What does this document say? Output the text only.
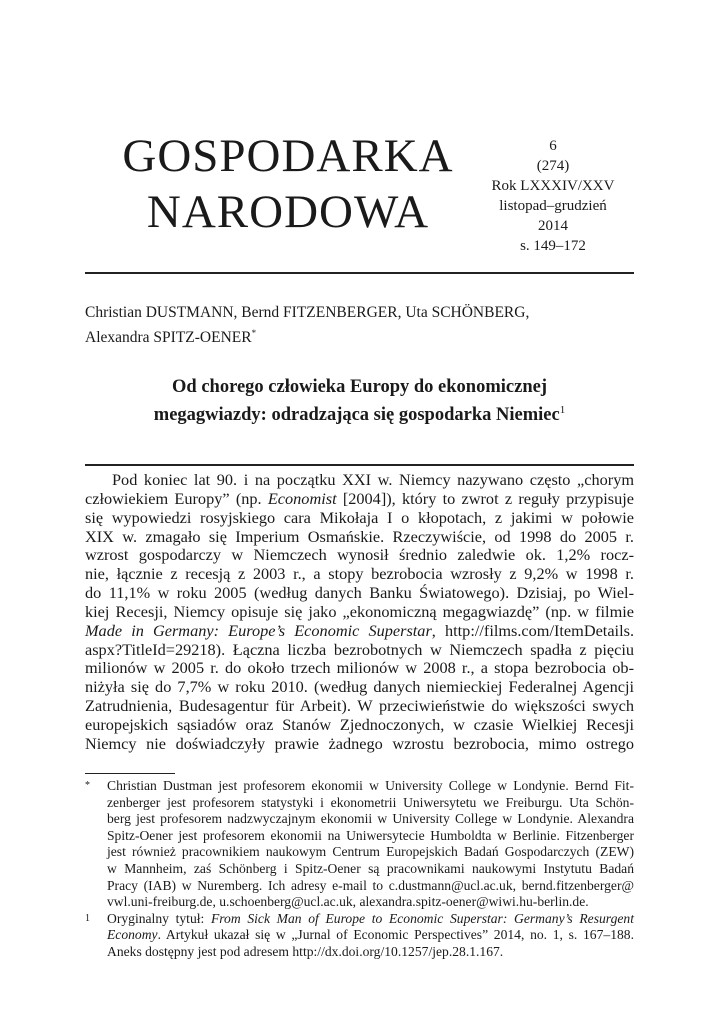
GOSPODARKA
NARODOWA
6
(274)
Rok LXXXIV/XXV
listopad–grudzień
2014
s. 149–172
Christian DUSTMANN, Bernd FITZENBERGER, Uta SCHÖNBERG,
Alexandra SPITZ-OENER*
Od chorego człowieka Europy do ekonomicznej
megagwiazdy: odradzająca się gospodarka Niemiec$^1$
Pod koniec lat 90. i na początku XXI w. Niemcy nazywano często „chorym
człowiekiem Europy” (np. Economist [2004]), który to zwrot z reguły przypisuje
się wypowiedzi rosyjskiego cara Mikołaja I o kłopotach, z jakimi w połowie
XIX w. zmagało się Imperium Osmańskie. Rzeczywiście, od 1998 do 2005 r.
wzrost gospodarczy w Niemczech wynosił średnio zaledwie ok. 1,2% rocz-
nie, łącznie z recesją z 2003 r., a stopy bezrobocia wzrosły z 9,2% w 1998 r.
do 11,1% w roku 2005 (według danych Banku Światowego). Dzisiaj, po Wiel-
kiej Recesji, Niemcy opisuje się jako „ekonomiczną megagwiazdę” (np. w filmie
Made in Germany: Europe’s Economic Superstar, http://films.com/ItemDetails.
aspx?TitleId=29218). Łączna liczba bezrobotnych w Niemczech spadła z pięciu
milionów w 2005 r. do około trzech milionów w 2008 r., a stopa bezrobocia ob-
niżyła się do 7,7% w roku 2010. (według danych niemieckiej Federalnej Agencji
Zatrudnienia, Budesagentur für Arbeit). W przeciwieństwie do większości swych
europejskich sąsiadów oraz Stanów Zjednoczonych, w czasie Wielkiej Recesji
Niemcy nie doświadczyły prawie żadnego wzrostu bezrobocia, mimo ostrego
* Christian Dustman jest profesorem ekonomii w University College w Londynie. Bernd Fit-
zenberger jest profesorem statystyki i ekonometrii Uniwersytetu we Freiburgu. Uta Schön-
berg jest profesorem nadzwyczajnym ekonomii w University College w Londynie. Alexandra
Spitz-Oener jest profesorem ekonomii na Uniwersytecie Humboldta w Berlinie. Fitzenberger
jest również pracownikiem naukowym Centrum Europejskich Badań Gospodarczych (ZEW)
w Mannheim, zaś Schönberg i Spitz-Oener są pracownikami naukowymi Instytutu Badań
Pracy (IAB) w Nuremberg. Ich adresy e-mail to c.dustmann@ucl.ac.uk, bernd.fitzenberger@
vwl.uni-freiburg.de, u.schoenberg@ucl.ac.uk, alexandra.spitz-oener@wiwi.hu-berlin.de.
1 Oryginalny tytuł: From Sick Man of Europe to Economic Superstar: Germany’s Resurgent
Economy. Artykuł ukazał się w „Jurnal of Economic Perspectives” 2014, no. 1, s. 167–188.
Aneks dostępny jest pod adresem http://dx.doi.org/10.1257/jep.28.1.167.
